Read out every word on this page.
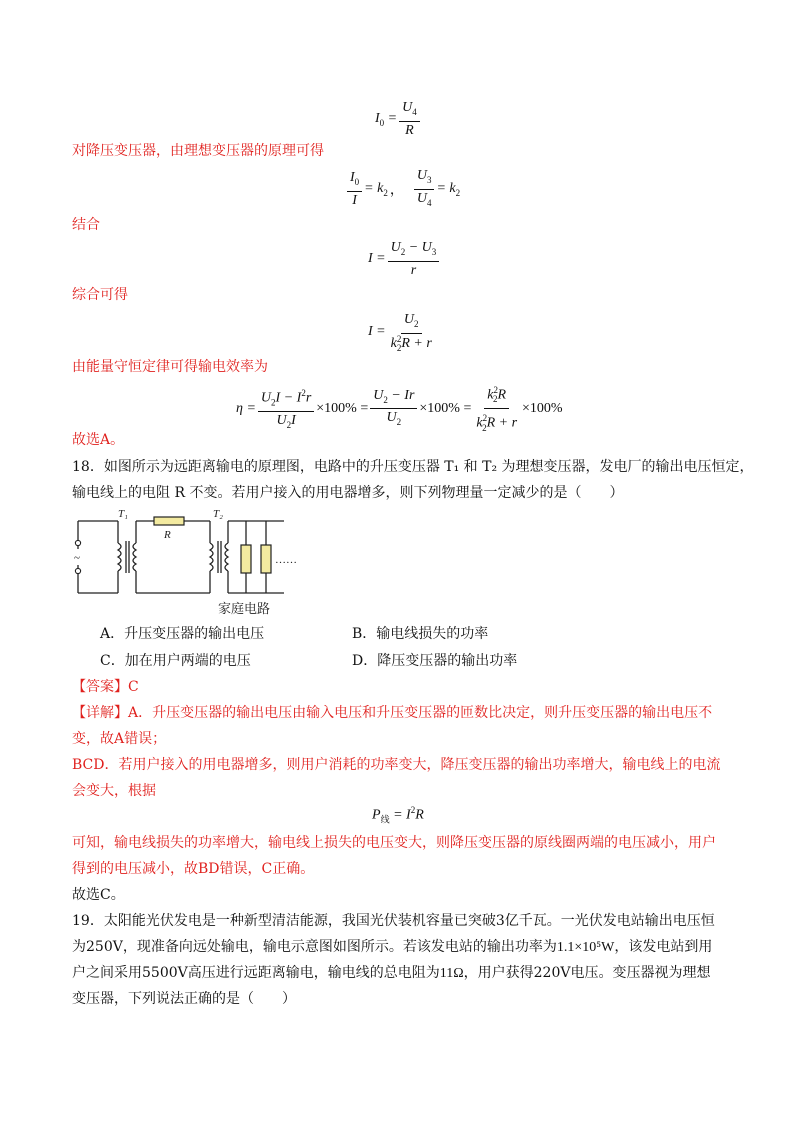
$I_0 = \frac{U_4}{R}$
对降压变压器，由理想变压器的原理可得
$\frac{I_0}{I} = k_2$ ， $\frac{U_3}{U_4} = k_2$
结合
$I = \frac{U_2 - U_3}{r}$
综合可得
$I = U_2$
k 2
2 R + r
由能量守恒定律可得输电效率为
$\eta = \frac{U_2I - I^2r}{U_2I} \times 100\% = \frac{U_2 - Ir}{U_2} \times 100\% = \frac{k^2_2R}{k^2_2R + r} \times 100\%$
故选A。
18．如图所示为远距离输电的原理图，电路中的升压变压器 T₁ 和 T₂ 为理想变压器，发电厂的输出电压恒定，
输电线上的电阻 R 不变。若用户接入的用电器增多，则下列物理量一定减少的是（　　）
~
T₁
R
T₂
……
家庭电路
A．升压变压器的输出电压	B．输电线损失的功率
C．加在用户两端的电压	D．降压变压器的输出功率
【答案】C
【详解】A．升压变压器的输出电压由输入电压和升压变压器的匝数比决定，则升压变压器的输出电压不
变，故A错误；
BCD．若用户接入的用电器增多，则用户消耗的功率变大，降压变压器的输出功率增大，输电线上的电流
会变大，根据
$P_线 = I^2R$
可知，输电线损失的功率增大，输电线上损失的电压变大，则降压变压器的原线圈两端的电压减小，用户
得到的电压减小，故BD错误，C正确。
故选C。
19．太阳能光伏发电是一种新型清洁能源，我国光伏装机容量已突破3亿千瓦。一光伏发电站输出电压恒
为250V，现准备向远处输电，输电示意图如图所示。若该发电站的输出功率为1.1×10⁵W，该发电站到用
户之间采用5500V高压进行远距离输电，输电线的总电阻为11Ω，用户获得220V电压。变压器视为理想
变压器，下列说法正确的是（　　）
